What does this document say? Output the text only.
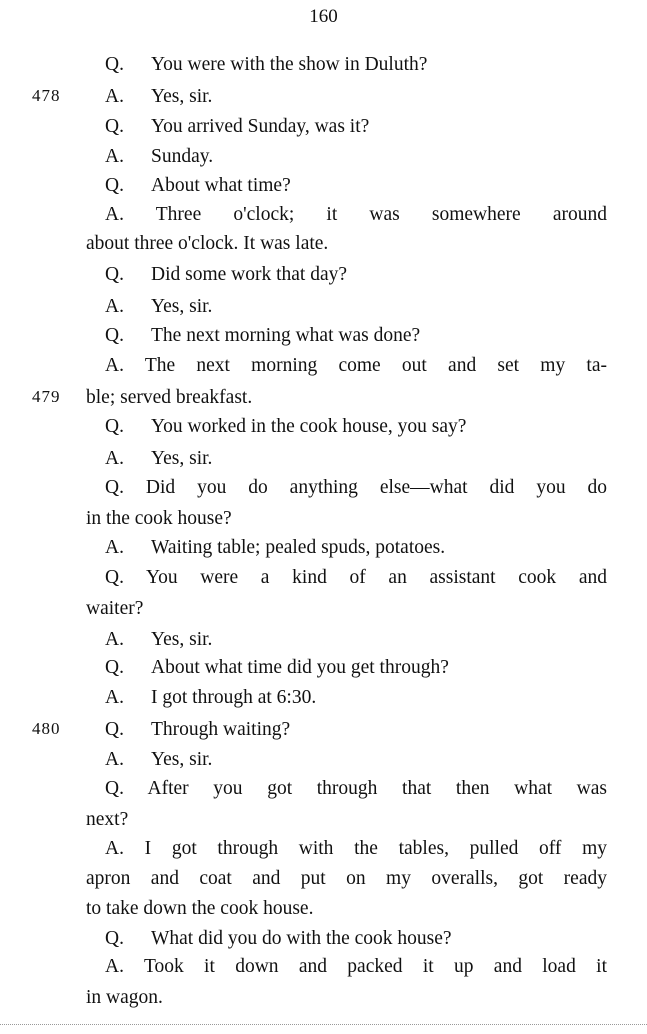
160
Q. You were with the show in Duluth?
A. Yes, sir.
Q. You arrived Sunday, was it?
A. Sunday.
Q. About what time?
A. Three o'clock; it was somewhere around
about three o'clock. It was late.
Q. Did some work that day?
A. Yes, sir.
Q. The next morning what was done?
A. The next morning come out and set my ta-
ble; served breakfast.
Q. You worked in the cook house, you say?
A. Yes, sir.
Q. Did you do anything else—what did you do
in the cook house?
A. Waiting table; pealed spuds, potatoes.
Q. You were a kind of an assistant cook and
waiter?
A. Yes, sir.
Q. About what time did you get through?
A. I got through at 6:30.
Q. Through waiting?
A. Yes, sir.
Q. After you got through that then what was
next?
A. I got through with the tables, pulled off my
apron and coat and put on my overalls, got ready
to take down the cook house.
Q. What did you do with the cook house?
A. Took it down and packed it up and load it
in wagon.
478
479
480
